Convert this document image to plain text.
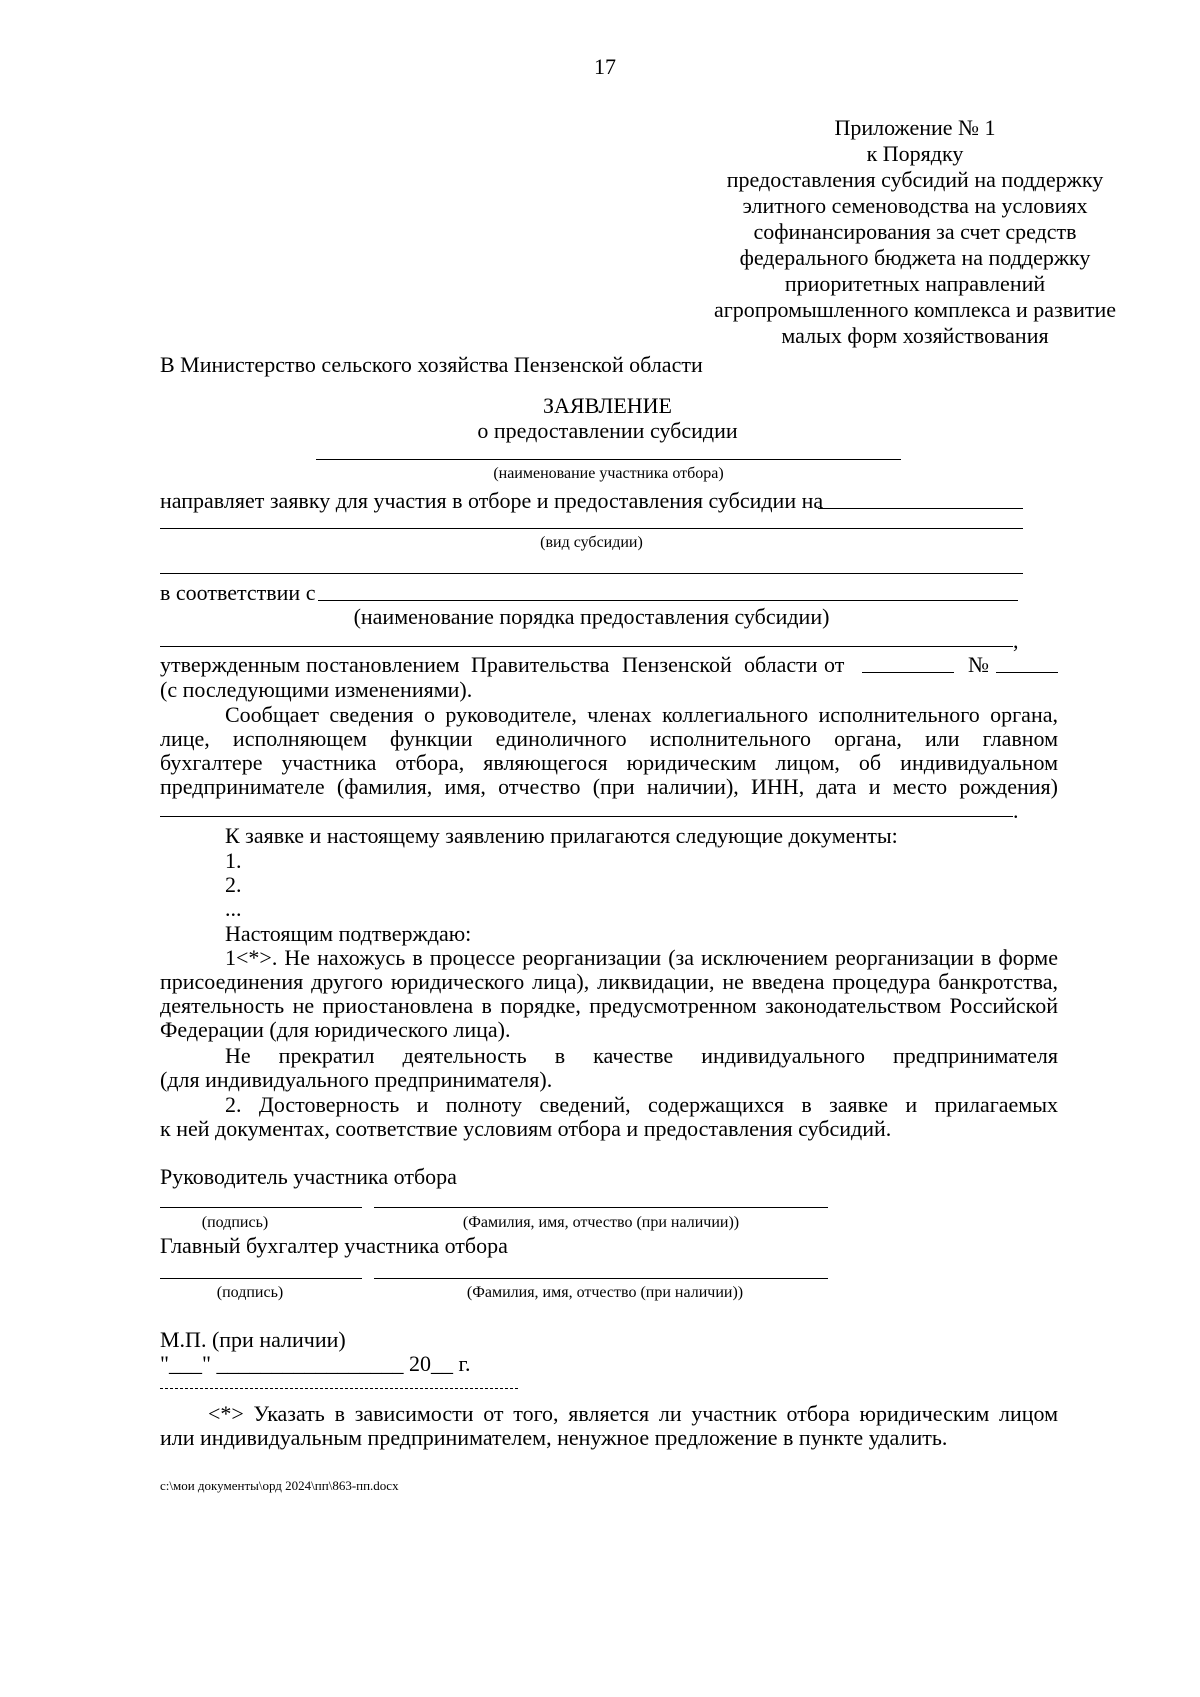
17
Приложение № 1
к Порядку
предоставления субсидий на поддержку
элитного семеноводства на условиях
софинансирования за счет средств
федерального бюджета на поддержку
приоритетных направлений
агропромышленного комплекса и развитие
малых форм хозяйствования
В Министерство сельского хозяйства Пензенской области
ЗАЯВЛЕНИЕ
о предоставлении субсидии
(наименование участника отбора)
направляет заявку для участия в отборе и предоставления субсидии на
(вид субсидии)
в соответствии с
(наименование порядка предоставления субсидии)
,
утвержденным постановлением Правительства Пензенской области от	№
(с последующими изменениями).
Сообщает сведения о руководителе, членах коллегиального исполнительного органа,
лице, исполняющем функции единоличного исполнительного органа, или главном
бухгалтере участника отбора, являющегося юридическим лицом, об индивидуальном
предпринимателе (фамилия, имя, отчество (при наличии), ИНН, дата и место рождения)
.
К заявке и настоящему заявлению прилагаются следующие документы:
1.
2.
...
Настоящим подтверждаю:
1<*>. Не нахожусь в процессе реорганизации (за исключением реорганизации в форме
присоединения другого юридического лица), ликвидации, не введена процедура банкротства,
деятельность не приостановлена в порядке, предусмотренном законодательством Российской
Федерации (для юридического лица).
Не прекратил деятельность в качестве индивидуального предпринимателя
(для индивидуального предпринимателя).
2. Достоверность и полноту сведений, содержащихся в заявке и прилагаемых
к ней документах, соответствие условиям отбора и предоставления субсидий.
Руководитель участника отбора
(подпись)	(Фамилия, имя, отчество (при наличии))
Главный бухгалтер участника отбора
(подпись)	(Фамилия, имя, отчество (при наличии))
М.П. (при наличии)
"___" _________________ 20__ г.
<*> Указать в зависимости от того, является ли участник отбора юридическим лицом
или индивидуальным предпринимателем, ненужное предложение в пункте удалить.
c:\мои документы\орд 2024\пп\863-пп.docx
